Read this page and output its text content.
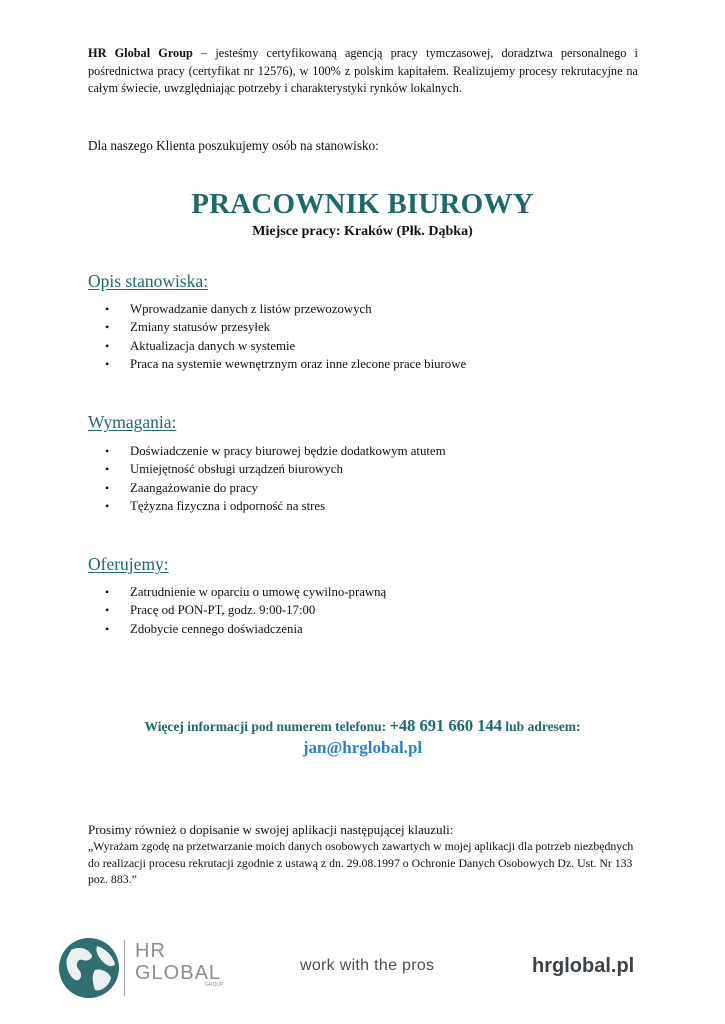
HR Global Group – jesteśmy certyfikowaną agencją pracy tymczasowej, doradztwa personalnego i pośrednictwa pracy (certyfikat nr 12576), w 100% z polskim kapitałem. Realizujemy procesy rekrutacyjne na całym świecie, uwzględniając potrzeby i charakterystyki rynków lokalnych.
Dla naszego Klienta poszukujemy osób na stanowisko:
PRACOWNIK BIUROWY
Miejsce pracy: Kraków (Płk. Dąbka)
Opis stanowiska:
• Wprowadzanie danych z listów przewozowych
• Zmiany statusów przesyłek
• Aktualizacja danych w systemie
• Praca na systemie wewnętrznym oraz inne zlecone prace biurowe
Wymagania:
• Doświadczenie w pracy biurowej będzie dodatkowym atutem
• Umiejętność obsługi urządzeń biurowych
• Zaangażowanie do pracy
• Tężyzna fizyczna i odporność na stres
Oferujemy:
• Zatrudnienie w oparciu o umowę cywilno-prawną
• Pracę od PON-PT, godz. 9:00-17:00
• Zdobycie cennego doświadczenia
Więcej informacji pod numerem telefonu: +48 691 660 144 lub adresem:
jan@hrglobal.pl
Prosimy również o dopisanie w swojej aplikacji następującej klauzuli:
„Wyrażam zgodę na przetwarzanie moich danych osobowych zawartych w mojej aplikacji dla potrzeb niezbędnych do realizacji procesu rekrutacji zgodnie z ustawą z dn. 29.08.1997 o Ochronie Danych Osobowych Dz. Ust. Nr 133 poz. 883.”
HR
GLOBAL
GROUP
work with the pros	hrglobal.pl
